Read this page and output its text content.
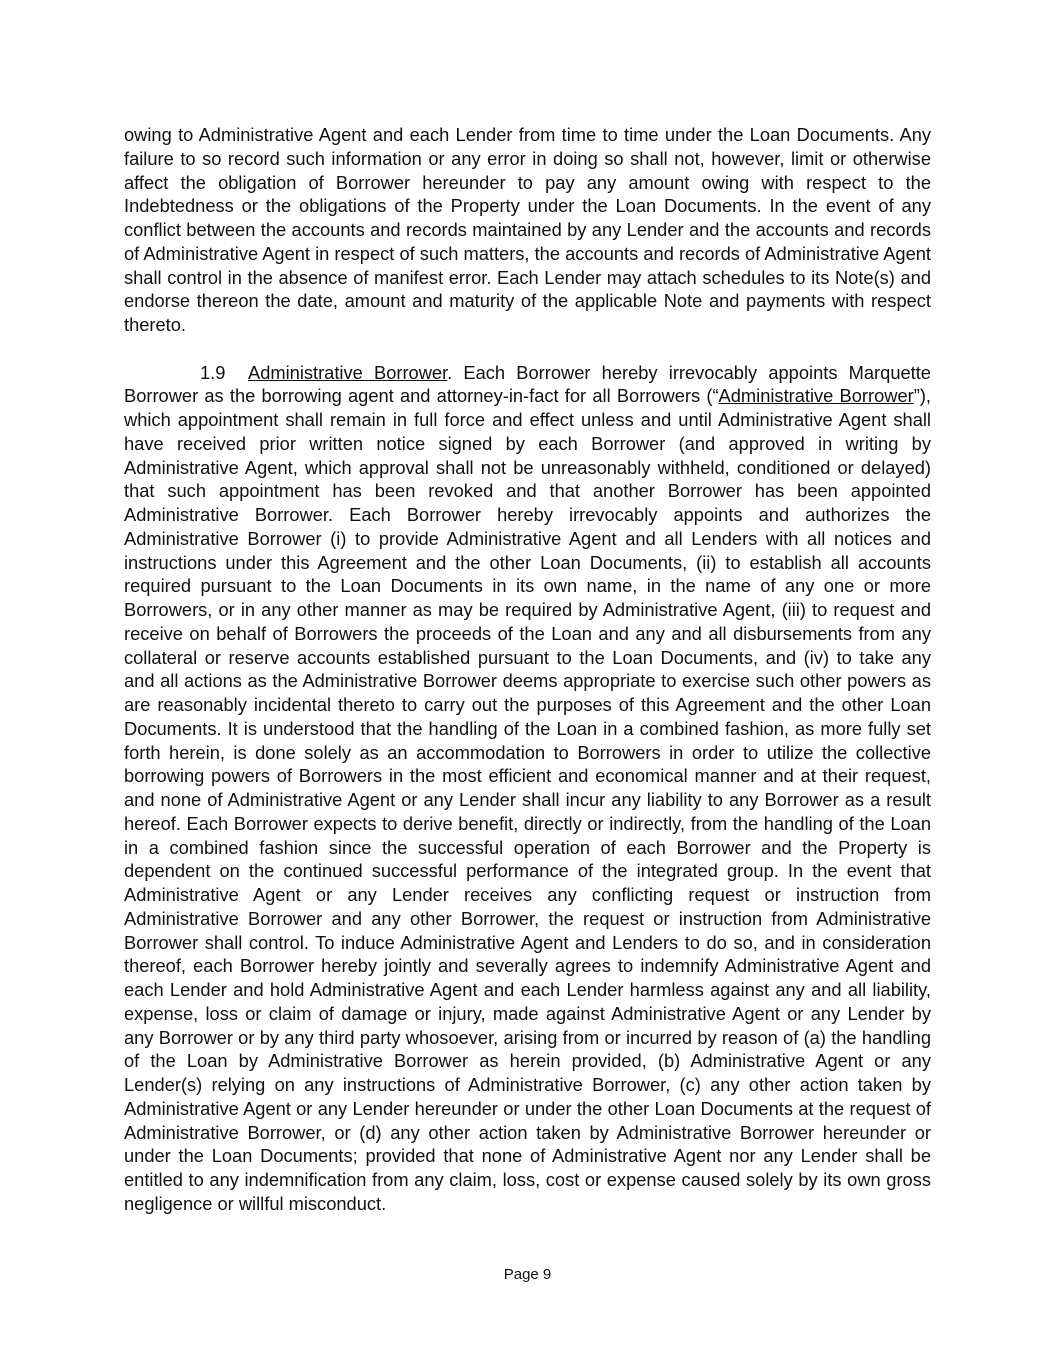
owing to Administrative Agent and each Lender from time to time under the Loan Documents. Any failure to so record such information or any error in doing so shall not, however, limit or otherwise affect the obligation of Borrower hereunder to pay any amount owing with respect to the Indebtedness or the obligations of the Property under the Loan Documents. In the event of any conflict between the accounts and records maintained by any Lender and the accounts and records of Administrative Agent in respect of such matters, the accounts and records of Administrative Agent shall control in the absence of manifest error. Each Lender may attach schedules to its Note(s) and endorse thereon the date, amount and maturity of the applicable Note and payments with respect thereto.

1.9 Administrative Borrower. Each Borrower hereby irrevocably appoints Marquette Borrower as the borrowing agent and attorney-in-fact for all Borrowers (“Administrative Borrower”), which appointment shall remain in full force and effect unless and until Administrative Agent shall have received prior written notice signed by each Borrower (and approved in writing by Administrative Agent, which approval shall not be unreasonably withheld, conditioned or delayed) that such appointment has been revoked and that another Borrower has been appointed Administrative Borrower. Each Borrower hereby irrevocably appoints and authorizes the Administrative Borrower (i) to provide Administrative Agent and all Lenders with all notices and instructions under this Agreement and the other Loan Documents, (ii) to establish all accounts required pursuant to the Loan Documents in its own name, in the name of any one or more Borrowers, or in any other manner as may be required by Administrative Agent, (iii) to request and receive on behalf of Borrowers the proceeds of the Loan and any and all disbursements from any collateral or reserve accounts established pursuant to the Loan Documents, and (iv) to take any and all actions as the Administrative Borrower deems appropriate to exercise such other powers as are reasonably incidental thereto to carry out the purposes of this Agreement and the other Loan Documents. It is understood that the handling of the Loan in a combined fashion, as more fully set forth herein, is done solely as an accommodation to Borrowers in order to utilize the collective borrowing powers of Borrowers in the most efficient and economical manner and at their request, and none of Administrative Agent or any Lender shall incur any liability to any Borrower as a result hereof. Each Borrower expects to derive benefit, directly or indirectly, from the handling of the Loan in a combined fashion since the successful operation of each Borrower and the Property is dependent on the continued successful performance of the integrated group. In the event that Administrative Agent or any Lender receives any conflicting request or instruction from Administrative Borrower and any other Borrower, the request or instruction from Administrative Borrower shall control. To induce Administrative Agent and Lenders to do so, and in consideration thereof, each Borrower hereby jointly and severally agrees to indemnify Administrative Agent and each Lender and hold Administrative Agent and each Lender harmless against any and all liability, expense, loss or claim of damage or injury, made against Administrative Agent or any Lender by any Borrower or by any third party whosoever, arising from or incurred by reason of (a) the handling of the Loan by Administrative Borrower as herein provided, (b) Administrative Agent or any Lender(s) relying on any instructions of Administrative Borrower, (c) any other action taken by Administrative Agent or any Lender hereunder or under the other Loan Documents at the request of Administrative Borrower, or (d) any other action taken by Administrative Borrower hereunder or under the Loan Documents; provided that none of Administrative Agent nor any Lender shall be entitled to any indemnification from any claim, loss, cost or expense caused solely by its own gross negligence or willful misconduct.

Page 9
